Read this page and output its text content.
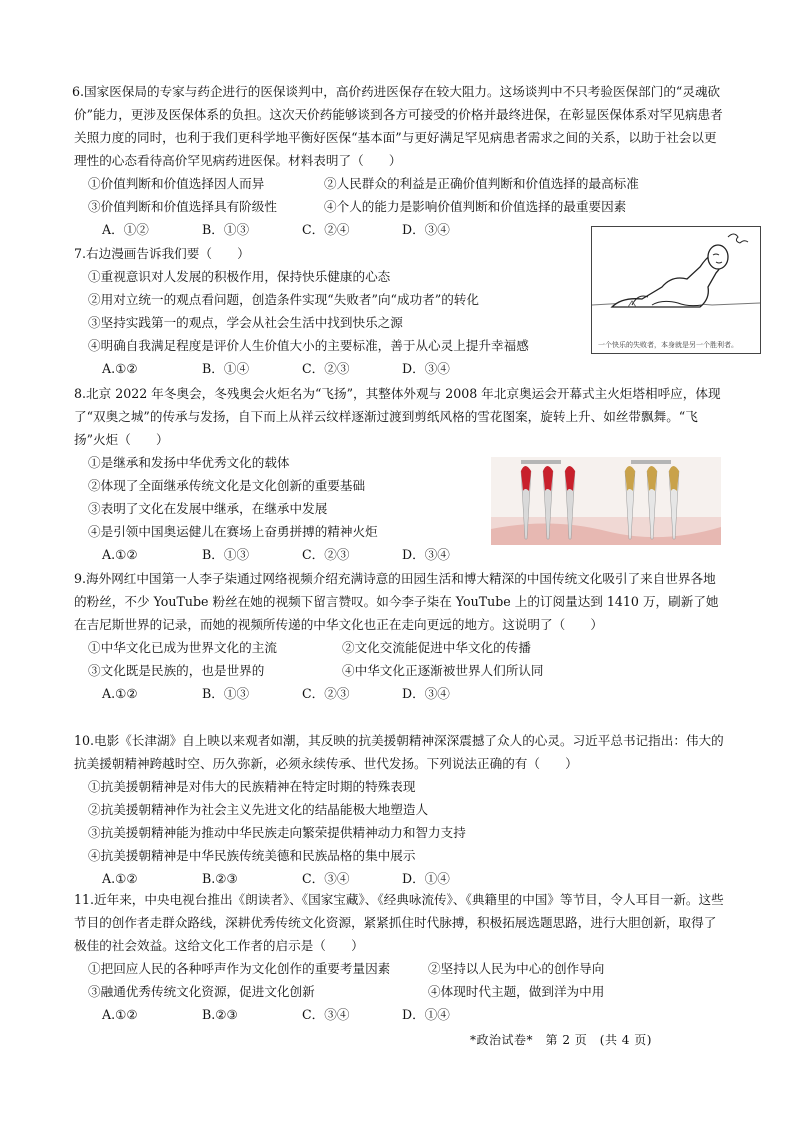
6.国家医保局的专家与药企进行的医保谈判中，高价药进医保存在较大阻力。这场谈判中不只考验医保部门的“灵魂砍价”能力，更涉及医保体系的负担。这次天价药能够谈到各方可接受的价格并最终进保，在彰显医保体系对罕见病患者关照力度的同时，也利于我们更科学地平衡好医保“基本面”与更好满足罕见病患者需求之间的关系，以助于社会以更理性的心态看待高价罕见病药进医保。材料表明了（　　）

①价值判断和价值选择因人而异	②人民群众的利益是正确价值判断和价值选择的最高标准
③价值判断和价值选择具有阶级性	④个人的能力是影响价值判断和价值选择的最重要因素
A．①②	B．①③	C．②④	D．③④

7.右边漫画告诉我们要（　　）

①重视意识对人发展的积极作用，保持快乐健康的心态
②用对立统一的观点看问题，创造条件实现“失败者”向“成功者”的转化
③坚持实践第一的观点，学会从社会生活中找到快乐之源
④明确自我满足程度是评价人生价值大小的主要标准，善于从心灵上提升幸福感
A.①②	B．①④	C．②③	D．③④
一个快乐的失败者，本身就是另一个胜利者。

8.北京 2022 年冬奥会，冬残奥会火炬名为“飞扬”，其整体外观与 2008 年北京奥运会开幕式主火炬塔相呼应，体现了“双奥之城”的传承与发扬，自下而上从祥云纹样逐渐过渡到剪纸风格的雪花图案，旋转上升、如丝带飘舞。“飞扬”火炬（　　）

①是继承和发扬中华优秀文化的载体
②体现了全面继承传统文化是文化创新的重要基础
③表明了文化在发展中继承，在继承中发展
④是引领中国奥运健儿在赛场上奋勇拼搏的精神火炬
A.①②	B．①③	C．②③	D．③④

9.海外网红中国第一人李子柒通过网络视频介绍充满诗意的田园生活和博大精深的中国传统文化吸引了来自世界各地的粉丝，不少 YouTube 粉丝在她的视频下留言赞叹。如今李子柒在 YouTube 上的订阅量达到 1410 万，刷新了她在吉尼斯世界的记录，而她的视频所传递的中华文化也正在走向更远的地方。这说明了（　　）

①中华文化已成为世界文化的主流	②文化交流能促进中华文化的传播
③文化既是民族的，也是世界的	④中华文化正逐渐被世界人们所认同
A.①②	B．①③	C．②③	D．③④

10.电影《长津湖》自上映以来观者如潮，其反映的抗美援朝精神深深震撼了众人的心灵。习近平总书记指出：伟大的抗美援朝精神跨越时空、历久弥新，必须永续传承、世代发扬。下列说法正确的有（　　）

①抗美援朝精神是对伟大的民族精神在特定时期的特殊表现
②抗美援朝精神作为社会主义先进文化的结晶能极大地塑造人
③抗美援朝精神能为推动中华民族走向繁荣提供精神动力和智力支持
④抗美援朝精神是中华民族传统美德和民族品格的集中展示
A.①②	B.②③	C．③④	D．①④

11.近年来，中央电视台推出《朗读者》、《国家宝藏》、《经典咏流传》、《典籍里的中国》等节目，令人耳目一新。这些节目的创作者走群众路线，深耕优秀传统文化资源，紧紧抓住时代脉搏，积极拓展选题思路，进行大胆创新，取得了极佳的社会效益。这给文化工作者的启示是（　　）

①把回应人民的各种呼声作为文化创作的重要考量因素	②坚持以人民为中心的创作导向
③融通优秀传统文化资源，促进文化创新	④体现时代主题，做到洋为中用
A.①②	B.②③	C．③④	D．①④
*政治试卷*　第 2 页　(共 4 页)
